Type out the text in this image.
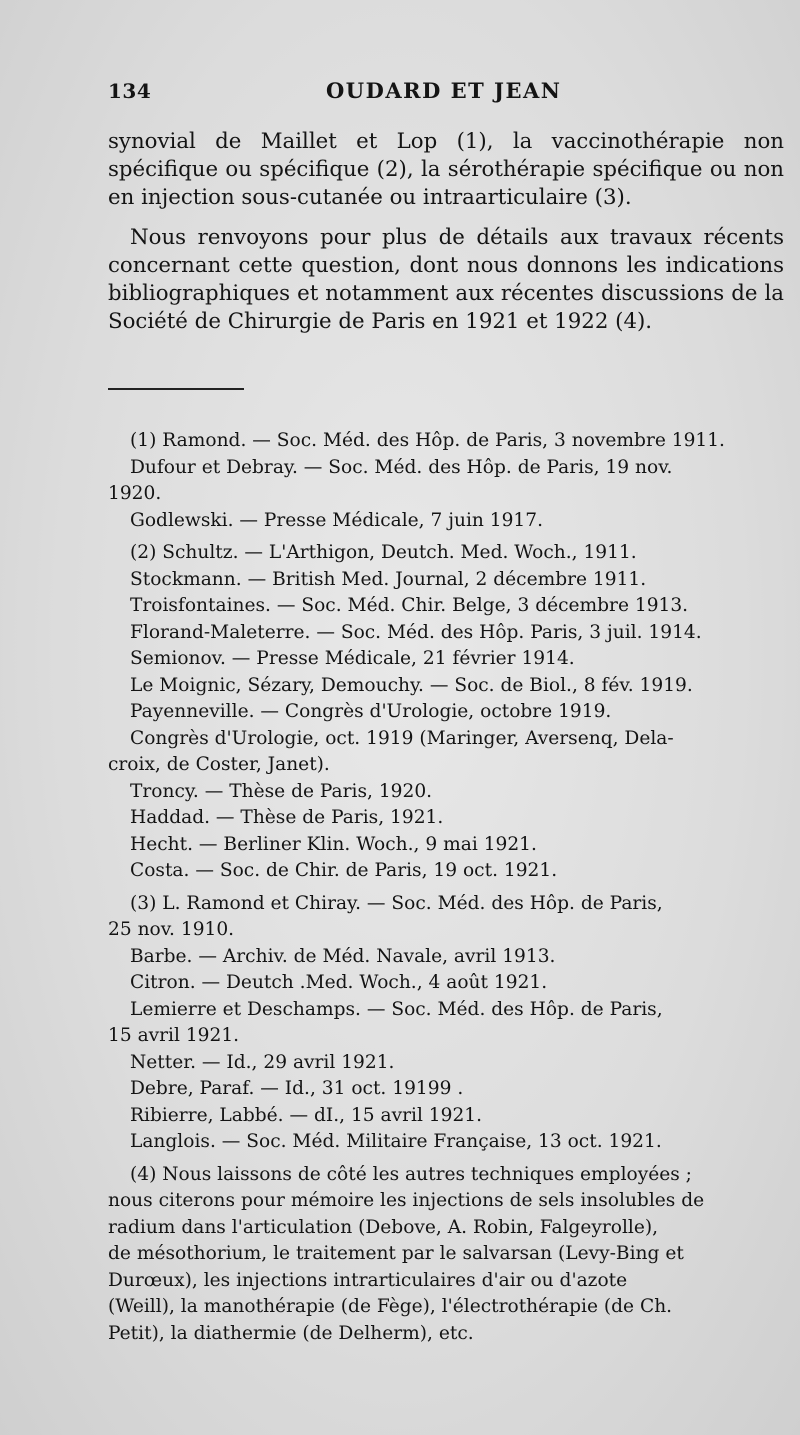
134	OUDARD ET JEAN

synovial de Maillet et Lop (1), la vaccinothérapie non spécifique ou spécifique (2), la sérothérapie spécifique ou non en injection sous-cutanée ou intraarticulaire (3).

Nous renvoyons pour plus de détails aux travaux récents concernant cette question, dont nous donnons les indications bibliographiques et notamment aux récentes discussions de la Société de Chirurgie de Paris en 1921 et 1922 (4).

(1) Ramond. — Soc. Méd. des Hôp. de Paris, 3 novembre 1911.
Dufour et Debray. — Soc. Méd. des Hôp. de Paris, 19 nov.
1920.
Godlewski. — Presse Médicale, 7 juin 1917.
(2) Schultz. — L'Arthigon, Deutch. Med. Woch., 1911.
Stockmann. — British Med. Journal, 2 décembre 1911.
Troisfontaines. — Soc. Méd. Chir. Belge, 3 décembre 1913.
Florand-Maleterre. — Soc. Méd. des Hôp. Paris, 3 juil. 1914.
Semionov. — Presse Médicale, 21 février 1914.
Le Moignic, Sézary, Demouchy. — Soc. de Biol., 8 fév. 1919.
Payenneville. — Congrès d'Urologie, octobre 1919.
Congrès d'Urologie, oct. 1919 (Maringer, Aversenq, Dela-
croix, de Coster, Janet).
Troncy. — Thèse de Paris, 1920.
Haddad. — Thèse de Paris, 1921.
Hecht. — Berliner Klin. Woch., 9 mai 1921.
Costa. — Soc. de Chir. de Paris, 19 oct. 1921.
(3) L. Ramond et Chiray. — Soc. Méd. des Hôp. de Paris,
25 nov. 1910.
Barbe. — Archiv. de Méd. Navale, avril 1913.
Citron. — Deutch .Med. Woch., 4 août 1921.
Lemierre et Deschamps. — Soc. Méd. des Hôp. de Paris,
15 avril 1921.
Netter. — Id., 29 avril 1921.
Debre, Paraf. — Id., 31 oct. 19199 .
Ribierre, Labbé. — dI., 15 avril 1921.
Langlois. — Soc. Méd. Militaire Française, 13 oct. 1921.
(4) Nous laissons de côté les autres techniques employées ;
nous citerons pour mémoire les injections de sels insolubles de
radium dans l'articulation (Debove, A. Robin, Falgeyrolle),
de mésothorium, le traitement par le salvarsan (Levy-Bing et
Durœux), les injections intrarticulaires d'air ou d'azote
(Weill), la manothérapie (de Fège), l'électrothérapie (de Ch.
Petit), la diathermie (de Delherm), etc.
